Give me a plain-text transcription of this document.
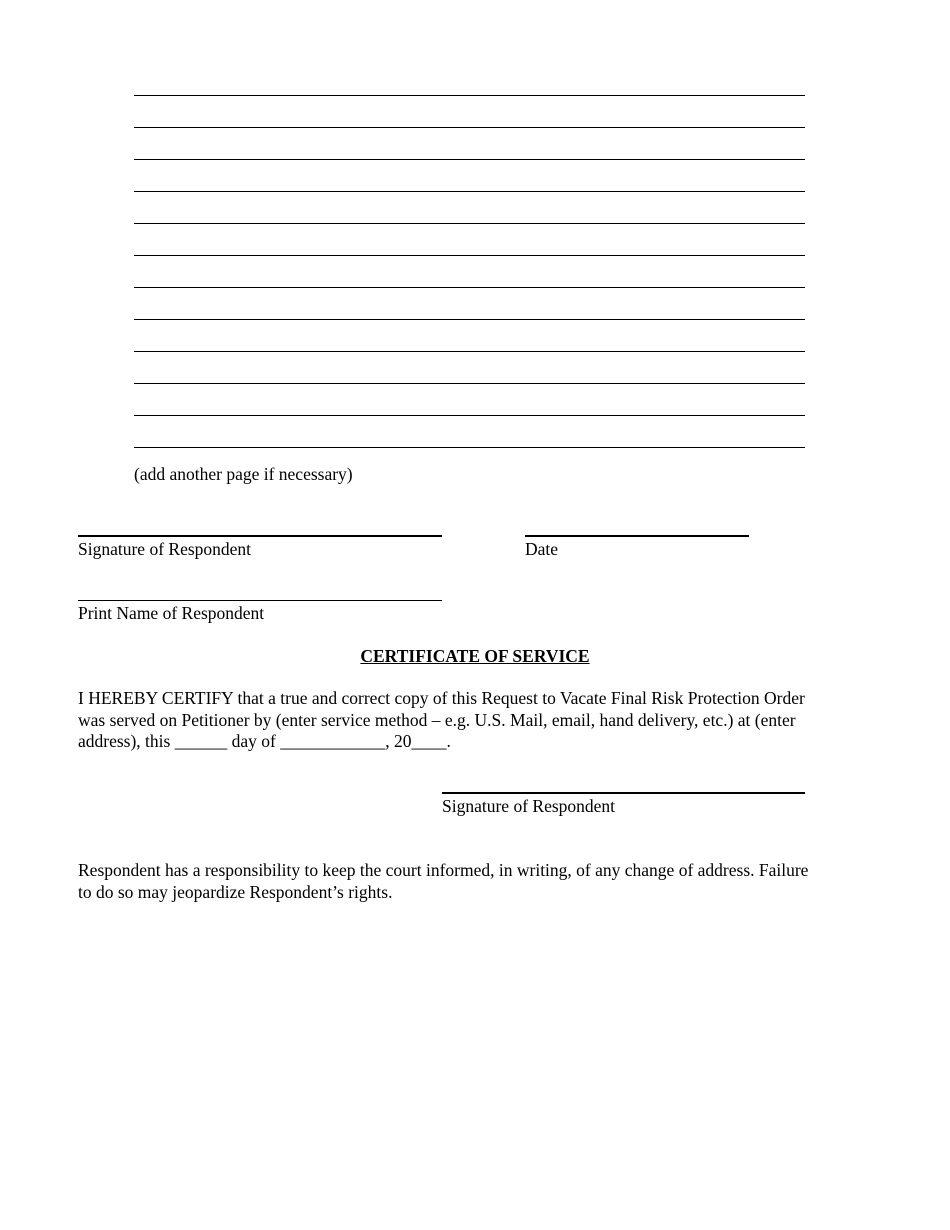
(add another page if necessary)
Signature of Respondent	Date
Print Name of Respondent
CERTIFICATE OF SERVICE
I HEREBY CERTIFY that a true and correct copy of this Request to Vacate Final Risk Protection Order
was served on Petitioner by (enter service method – e.g. U.S. Mail, email, hand delivery, etc.) at (enter
address), this ______ day of ____________, 20____.
Signature of Respondent
Respondent has a responsibility to keep the court informed, in writing, of any change of address. Failure
to do so may jeopardize Respondent’s rights.
